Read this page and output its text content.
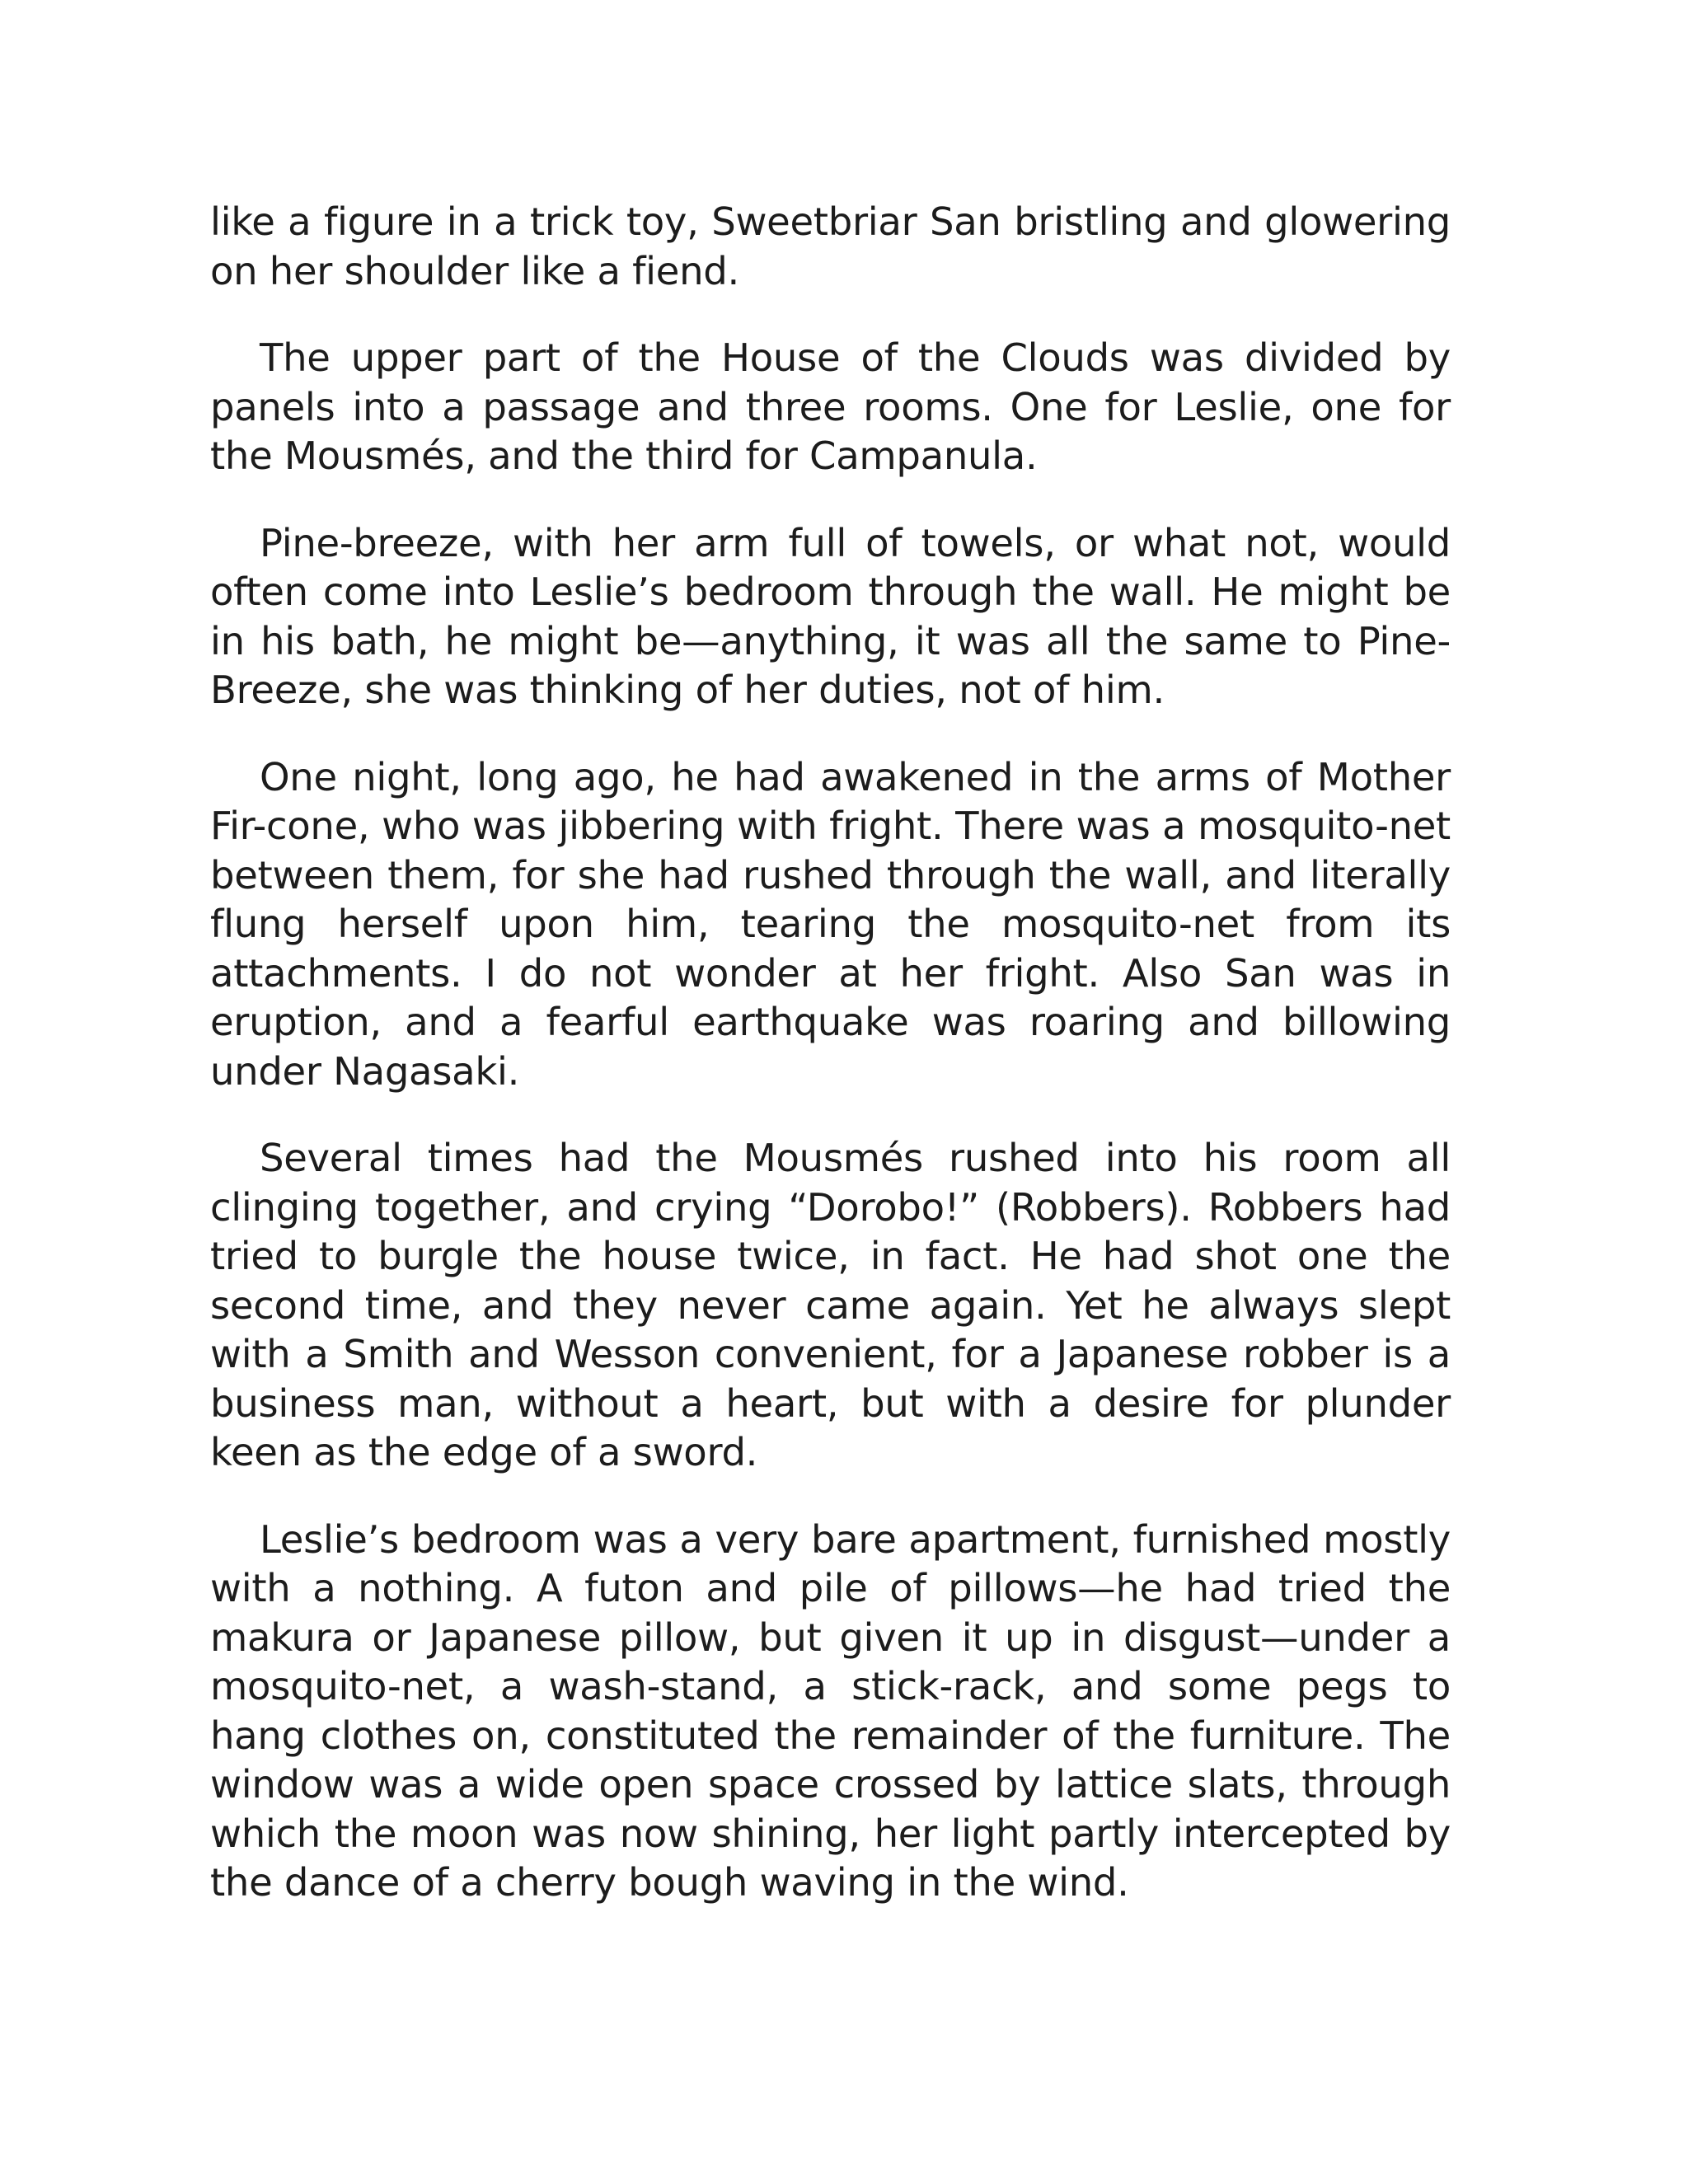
like a figure in a trick toy, Sweetbriar San bristling and glowering on her shoulder like a fiend.

The upper part of the House of the Clouds was divided by panels into a passage and three rooms. One for Leslie, one for the Mousmés, and the third for Campanula.

Pine-breeze, with her arm full of towels, or what not, would often come into Leslie’s bedroom through the wall. He might be in his bath, he might be—anything, it was all the same to Pine-Breeze, she was thinking of her duties, not of him.

One night, long ago, he had awakened in the arms of Mother Fir-cone, who was jibbering with fright. There was a mosquito-net between them, for she had rushed through the wall, and literally flung herself upon him, tearing the mosquito-net from its attachments. I do not wonder at her fright. Also San was in eruption, and a fearful earthquake was roaring and billowing under Nagasaki.

Several times had the Mousmés rushed into his room all clinging together, and crying “Dorobo!” (Robbers). Robbers had tried to burgle the house twice, in fact. He had shot one the second time, and they never came again. Yet he always slept with a Smith and Wesson convenient, for a Japanese robber is a business man, without a heart, but with a desire for plunder keen as the edge of a sword.

Leslie’s bedroom was a very bare apartment, furnished mostly with a nothing. A futon and pile of pillows—he had tried the makura or Japanese pillow, but given it up in disgust—under a mosquito-net, a wash-stand, a stick-rack, and some pegs to hang clothes on, constituted the remainder of the furniture. The window was a wide open space crossed by lattice slats, through which the moon was now shining, her light partly intercepted by the dance of a cherry bough waving in the wind.
